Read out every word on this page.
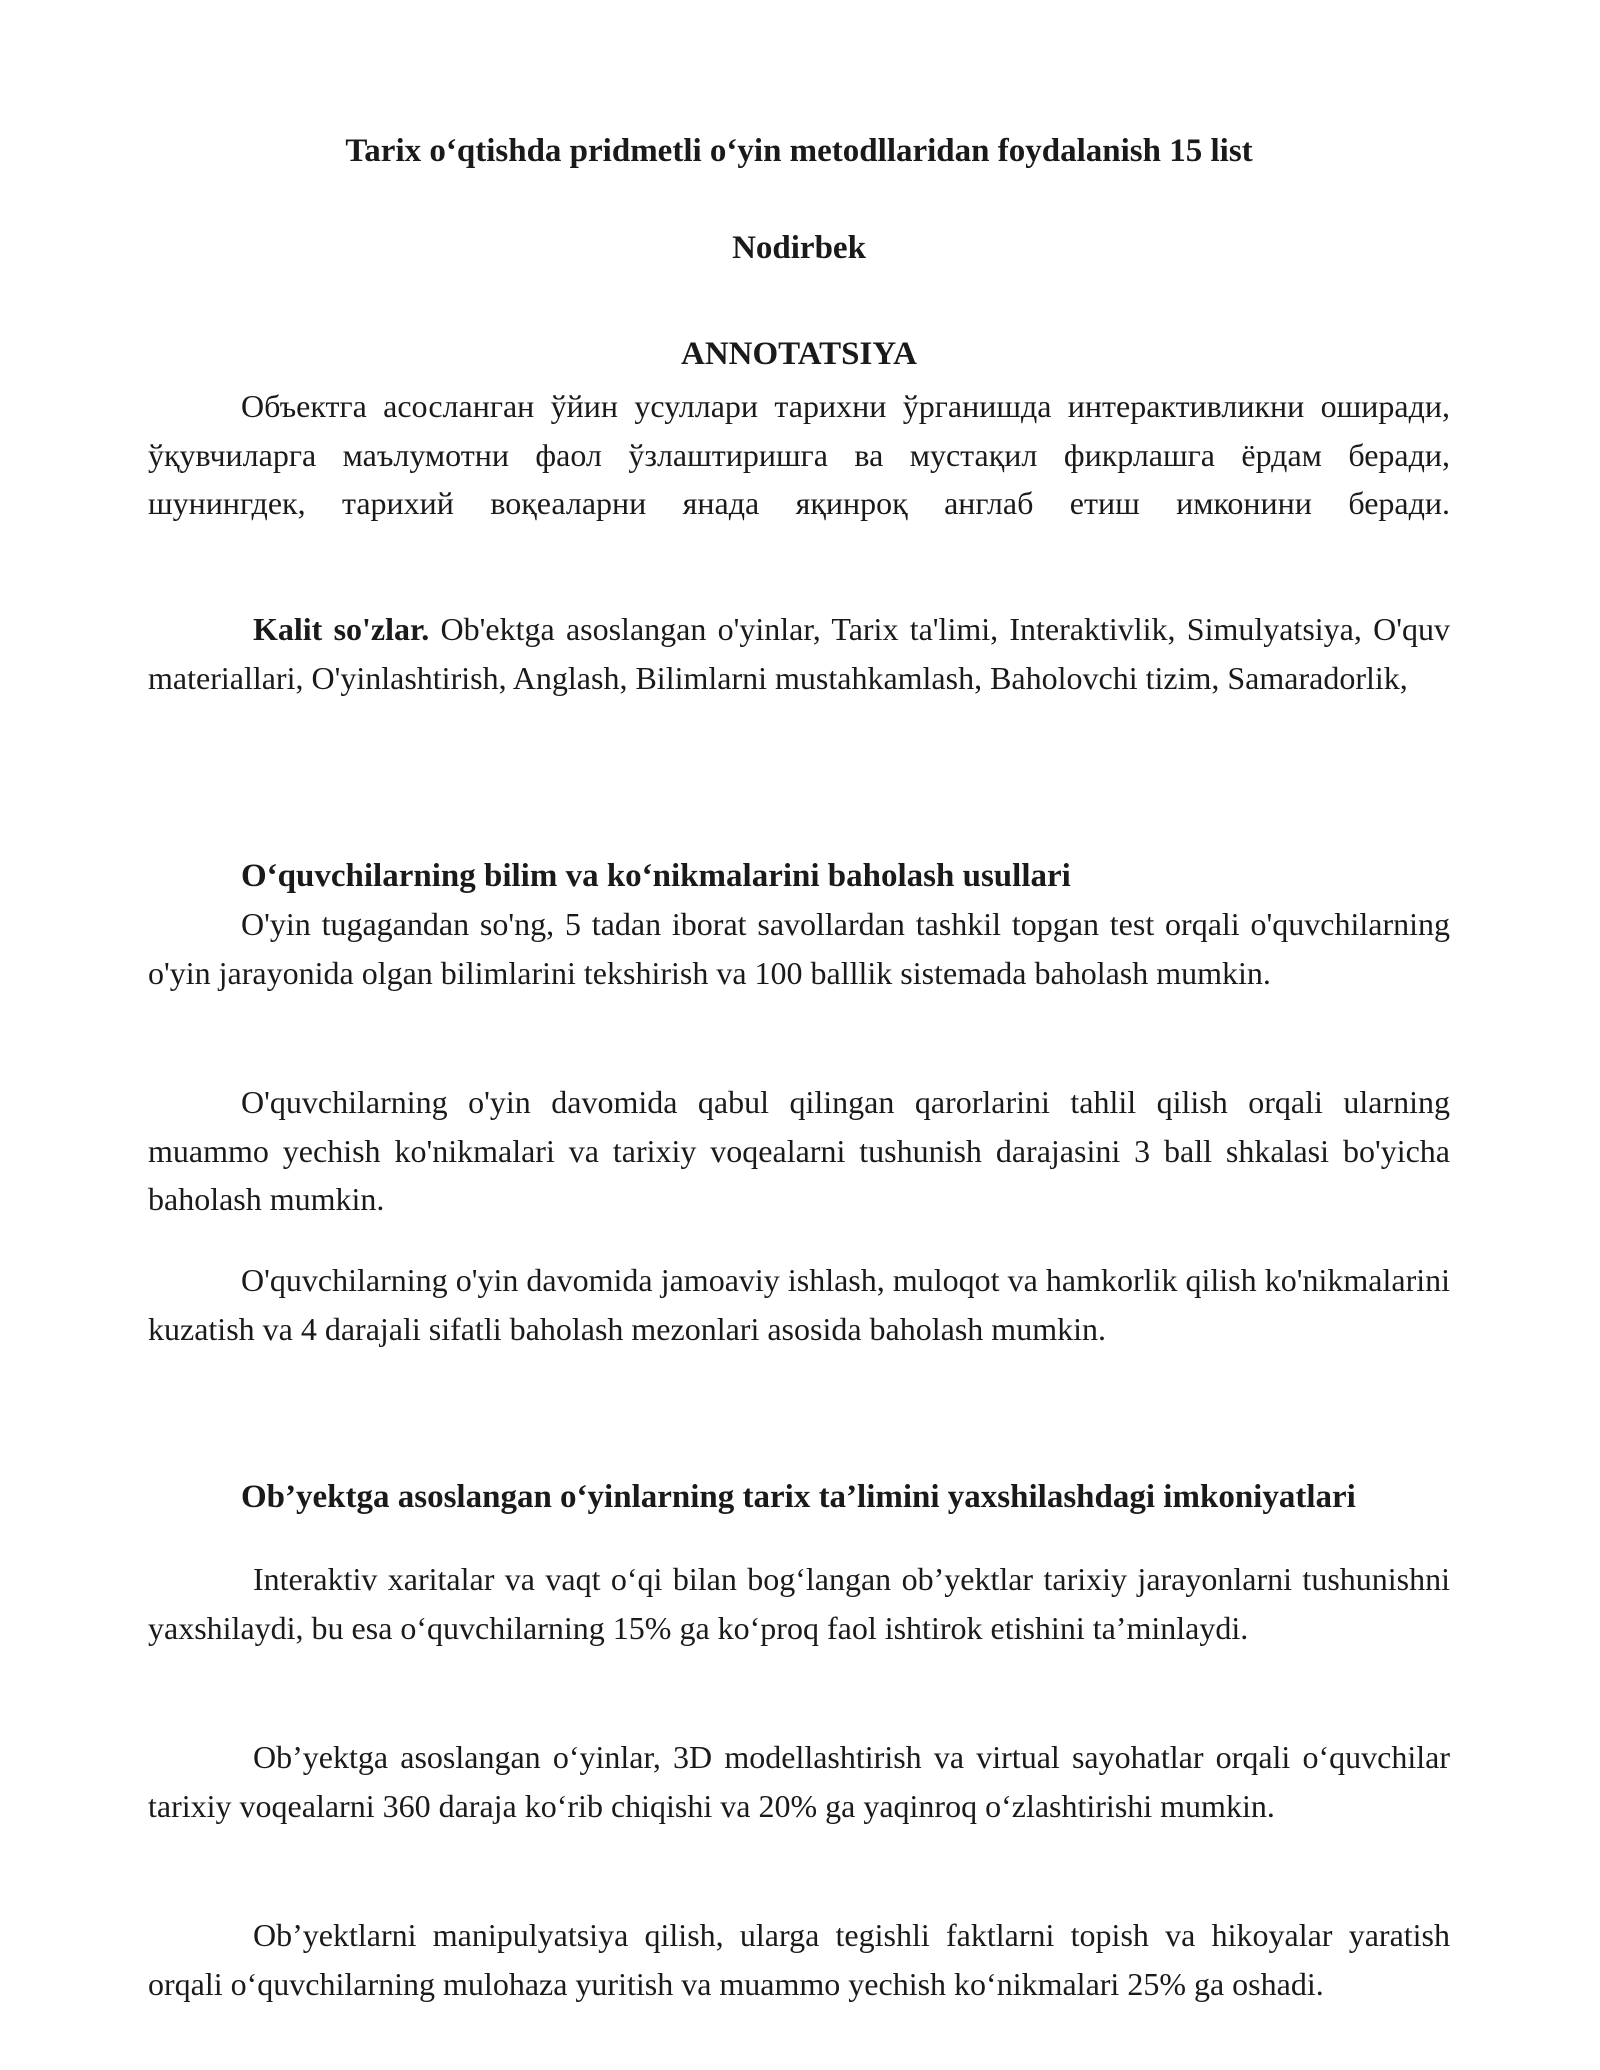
Tarix o‘qtishda pridmetli o‘yin metodllaridan foydalanish 15 list

Nodirbek

ANNOTATSIYA

Объектга асосланган ўйин усуллари тарихни ўрганишда интерактивликни оширади, ўқувчиларга маълумотни фаол ўзлаштиришга ва мустақил фикрлашга ёрдам беради, шунингдек, тарихий воқеаларни янада яқинроқ англаб етиш имконини беради.

Kalit so'zlar. Ob'ektga asoslangan o'yinlar, Tarix ta'limi, Interaktivlik, Simulyatsiya, O'quv materiallari, O'yinlashtirish, Anglash, Bilimlarni mustahkamlash, Baholovchi tizim, Samaradorlik,

O‘quvchilarning bilim va ko‘nikmalarini baholash usullari

O'yin tugagandan so'ng, 5 tadan iborat savollardan tashkil topgan test orqali o'quvchilarning o'yin jarayonida olgan bilimlarini tekshirish va 100 balllik sistemada baholash mumkin.

O'quvchilarning o'yin davomida qabul qilingan qarorlarini tahlil qilish orqali ularning muammo yechish ko'nikmalari va tarixiy voqealarni tushunish darajasini 3 ball shkalasi bo'yicha baholash mumkin.

O'quvchilarning o'yin davomida jamoaviy ishlash, muloqot va hamkorlik qilish ko'nikmalarini kuzatish va 4 darajali sifatli baholash mezonlari asosida baholash mumkin.

Ob’yektga asoslangan o‘yinlarning tarix ta’limini yaxshilashdagi imkoniyatlari

Interaktiv xaritalar va vaqt o‘qi bilan bog‘langan ob’yektlar tarixiy jarayonlarni tushunishni yaxshilaydi, bu esa o‘quvchilarning 15% ga ko‘proq faol ishtirok etishini ta’minlaydi.

Ob’yektga asoslangan o‘yinlar, 3D modellashtirish va virtual sayohatlar orqali o‘quvchilar tarixiy voqealarni 360 daraja ko‘rib chiqishi va 20% ga yaqinroq o‘zlashtirishi mumkin.

Ob’yektlarni manipulyatsiya qilish, ularga tegishli faktlarni topish va hikoyalar yaratish orqali o‘quvchilarning mulohaza yuritish va muammo yechish ko‘nikmalari 25% ga oshadi.
